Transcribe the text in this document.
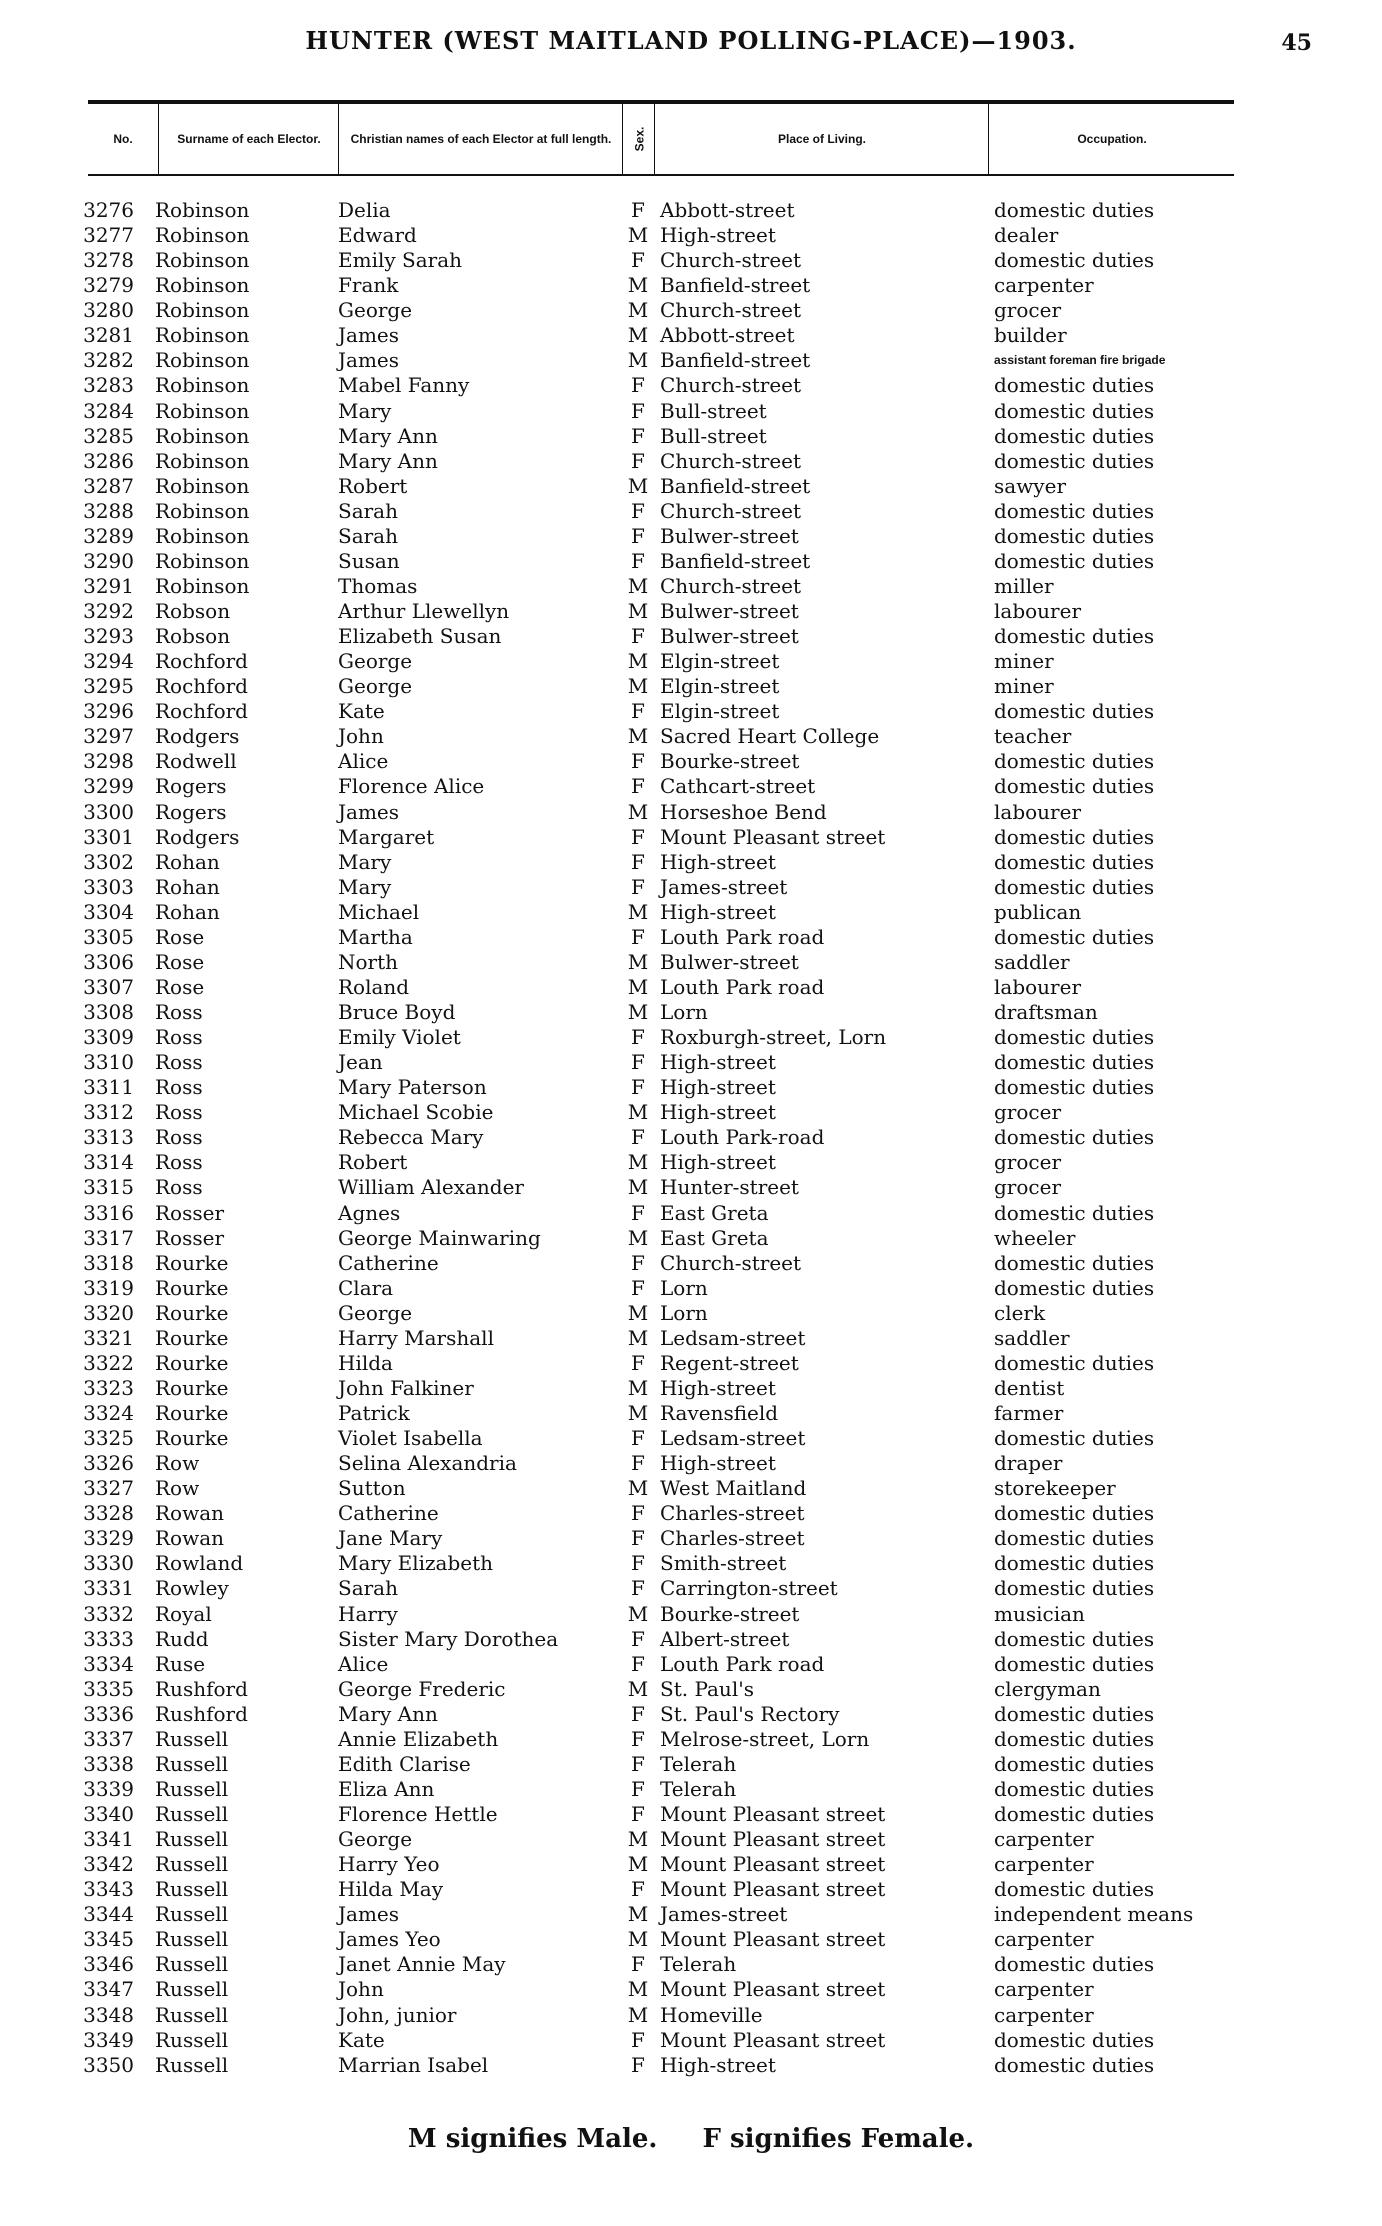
HUNTER (WEST MAITLAND POLLING-PLACE)—1903.	45
No.	Surname of each Elector.	Christian names of each Elector at full length.	Sex.	Place of Living.	Occupation.
3276 Robinson	Delia	F Abbott-street	domestic duties
3277 Robinson	Edward	M High-street	dealer
3278 Robinson	Emily Sarah	F Church-street	domestic duties
3279 Robinson	Frank	M Banfield-street	carpenter
3280 Robinson	George	M Church-street	grocer
3281 Robinson	James	M Abbott-street	builder
3282 Robinson	James	M Banfield-street	assistant foreman fire brigade
3283 Robinson	Mabel Fanny	F Church-street	domestic duties
3284 Robinson	Mary	F Bull-street	domestic duties
3285 Robinson	Mary Ann	F Bull-street	domestic duties
3286 Robinson	Mary Ann	F Church-street	domestic duties
3287 Robinson	Robert	M Banfield-street	sawyer
3288 Robinson	Sarah	F Church-street	domestic duties
3289 Robinson	Sarah	F Bulwer-street	domestic duties
3290 Robinson	Susan	F Banfield-street	domestic duties
3291 Robinson	Thomas	M Church-street	miller
3292 Robson	Arthur Llewellyn	M Bulwer-street	labourer
3293 Robson	Elizabeth Susan	F Bulwer-street	domestic duties
3294 Rochford	George	M Elgin-street	miner
3295 Rochford	George	M Elgin-street	miner
3296 Rochford	Kate	F Elgin-street	domestic duties
3297 Rodgers	John	M Sacred Heart College	teacher
3298 Rodwell	Alice	F Bourke-street	domestic duties
3299 Rogers	Florence Alice	F Cathcart-street	domestic duties
3300 Rogers	James	M Horseshoe Bend	labourer
3301 Rodgers	Margaret	F Mount Pleasant street	domestic duties
3302 Rohan	Mary	F High-street	domestic duties
3303 Rohan	Mary	F James-street	domestic duties
3304 Rohan	Michael	M High-street	publican
3305 Rose	Martha	F Louth Park road	domestic duties
3306 Rose	North	M Bulwer-street	saddler
3307 Rose	Roland	M Louth Park road	labourer
3308 Ross	Bruce Boyd	M Lorn	draftsman
3309 Ross	Emily Violet	F Roxburgh-street, Lorn	domestic duties
3310 Ross	Jean	F High-street	domestic duties
3311 Ross	Mary Paterson	F High-street	domestic duties
3312 Ross	Michael Scobie	M High-street	grocer
3313 Ross	Rebecca Mary	F Louth Park-road	domestic duties
3314 Ross	Robert	M High-street	grocer
3315 Ross	William Alexander	M Hunter-street	grocer
3316 Rosser	Agnes	F East Greta	domestic duties
3317 Rosser	George Mainwaring	M East Greta	wheeler
3318 Rourke	Catherine	F Church-street	domestic duties
3319 Rourke	Clara	F Lorn	domestic duties
3320 Rourke	George	M Lorn	clerk
3321 Rourke	Harry Marshall	M Ledsam-street	saddler
3322 Rourke	Hilda	F Regent-street	domestic duties
3323 Rourke	John Falkiner	M High-street	dentist
3324 Rourke	Patrick	M Ravensfield	farmer
3325 Rourke	Violet Isabella	F Ledsam-street	domestic duties
3326 Row	Selina Alexandria	F High-street	draper
3327 Row	Sutton	M West Maitland	storekeeper
3328 Rowan	Catherine	F Charles-street	domestic duties
3329 Rowan	Jane Mary	F Charles-street	domestic duties
3330 Rowland	Mary Elizabeth	F Smith-street	domestic duties
3331 Rowley	Sarah	F Carrington-street	domestic duties
3332 Royal	Harry	M Bourke-street	musician
3333 Rudd	Sister Mary Dorothea	F Albert-street	domestic duties
3334 Ruse	Alice	F Louth Park road	domestic duties
3335 Rushford	George Frederic	M St. Paul's	clergyman
3336 Rushford	Mary Ann	F St. Paul's Rectory	domestic duties
3337 Russell	Annie Elizabeth	F Melrose-street, Lorn	domestic duties
3338 Russell	Edith Clarise	F Telerah	domestic duties
3339 Russell	Eliza Ann	F Telerah	domestic duties
3340 Russell	Florence Hettle	F Mount Pleasant street	domestic duties
3341 Russell	George	M Mount Pleasant street	carpenter
3342 Russell	Harry Yeo	M Mount Pleasant street	carpenter
3343 Russell	Hilda May	F Mount Pleasant street	domestic duties
3344 Russell	James	M James-street	independent means
3345 Russell	James Yeo	M Mount Pleasant street	carpenter
3346 Russell	Janet Annie May	F Telerah	domestic duties
3347 Russell	John	M Mount Pleasant street	carpenter
3348 Russell	John, junior	M Homeville	carpenter
3349 Russell	Kate	F Mount Pleasant street	domestic duties
3350 Russell	Marrian Isabel	F High-street	domestic duties
M signifies Male. F signifies Female.
